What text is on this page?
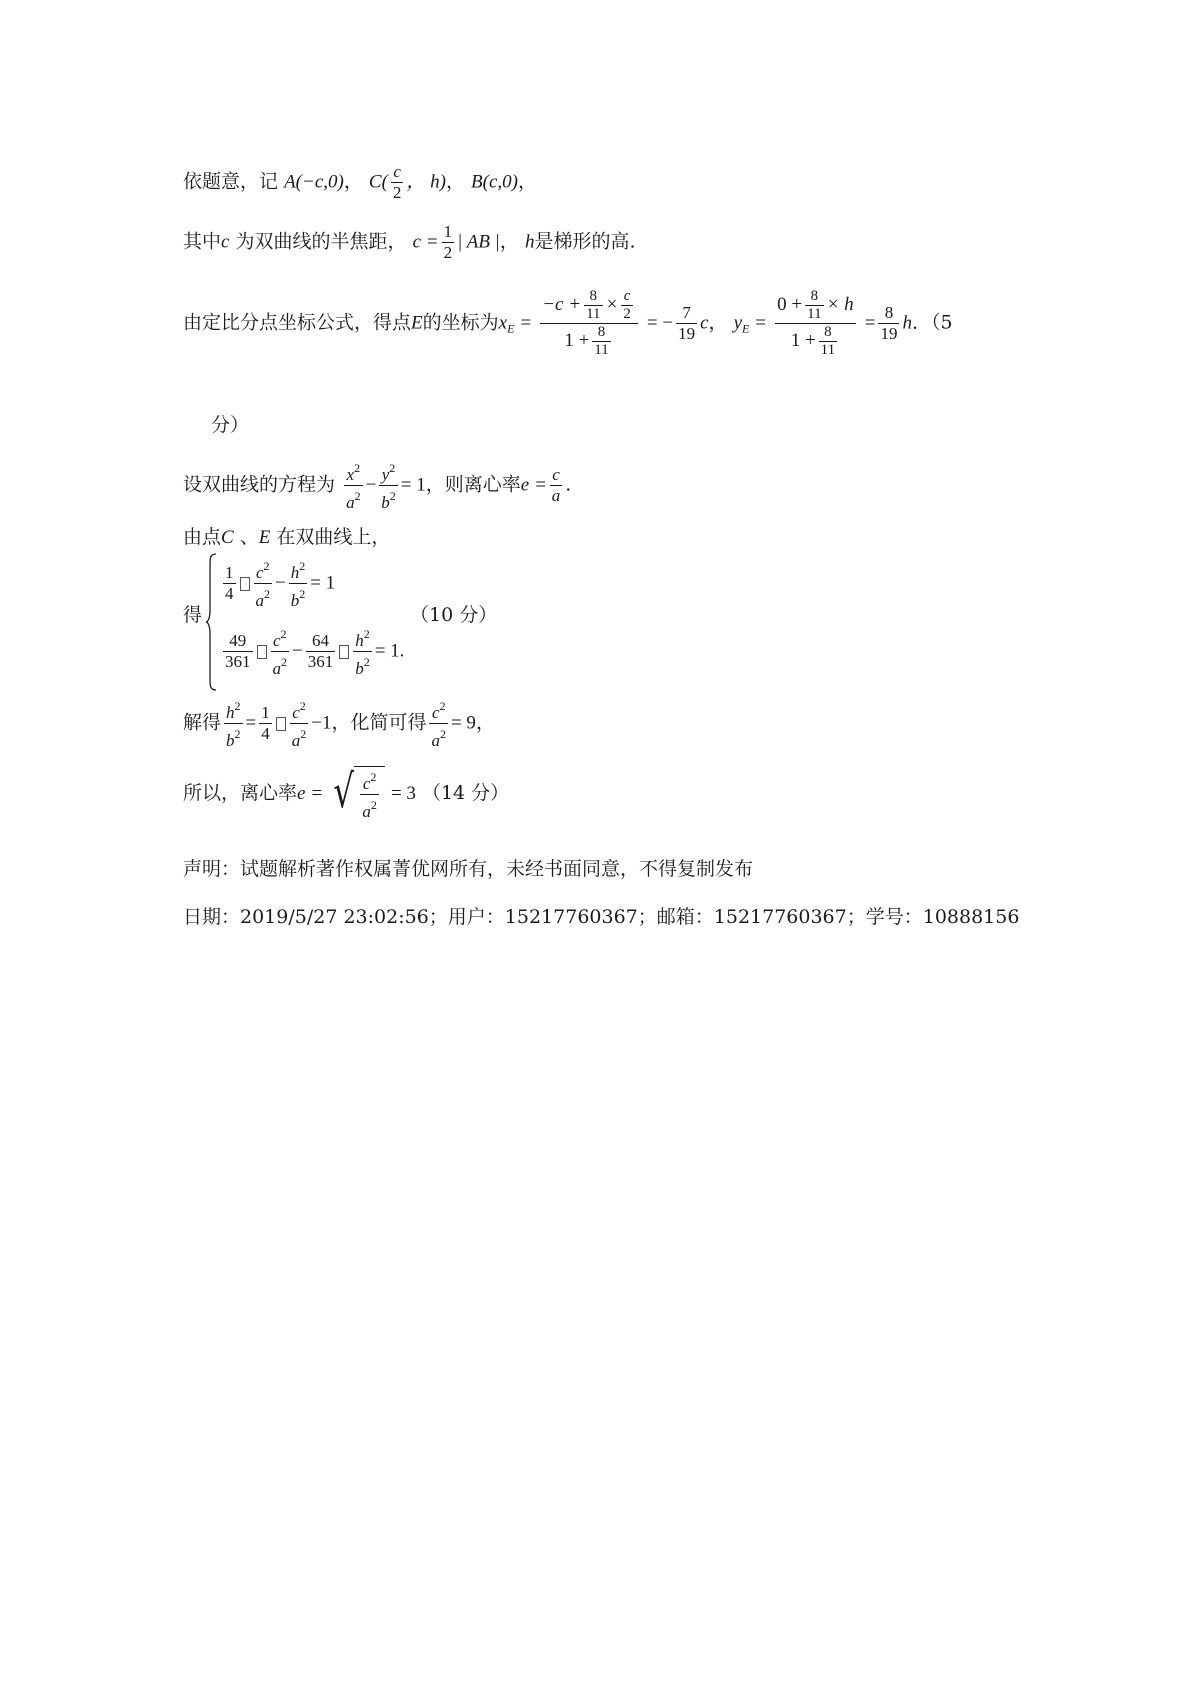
依题意，记 A(−c,0)， $C( \frac{c}{2}$ ， h)， B(c,0)，
其中c 为双曲线的半焦距， $c = \frac{1}{2}$ | AB |， h是梯形的高.
由定比分点坐标公式，得点E的坐标为$x_E = \frac{-c + \frac{8}{11} \times \frac{c}{2}}{1 + \frac{8}{11}}$ = − $\frac{7}{19}$ c， $y_E = \frac{0 + \frac{8}{11} \times h}{1 + \frac{8}{11}} = \frac{8}{19}$ h．（5
分）
设双曲线的方程为 $\frac{x^2}{a^2} - \frac{y^2}{b^2} = 1$，则离心率$e = \frac{c}{a}$ .
由点C 、E 在双曲线上，
得
$\frac{1}{4} \frac{c^2}{a^2} - \frac{h^2}{b^2} = 1$
（10 分）
$\frac{49}{361} \frac{c^2}{a^2} - \frac{64}{361} \frac{h^2}{b^2} = 1$.
解得 $\frac{h^2}{b^2} = \frac{1}{4} \frac{c^2}{a^2} -1$，化简可得 $\frac{c^2}{a^2} = 9$，
所以，离心率e = √ $\frac{c^2}{a^2} = 3$ （14 分）
声明：试题解析著作权属菁优网所有，未经书面同意，不得复制发布
日期：2019/5/27 23:02:56；用户：15217760367；邮箱：15217760367；学号：10888156
